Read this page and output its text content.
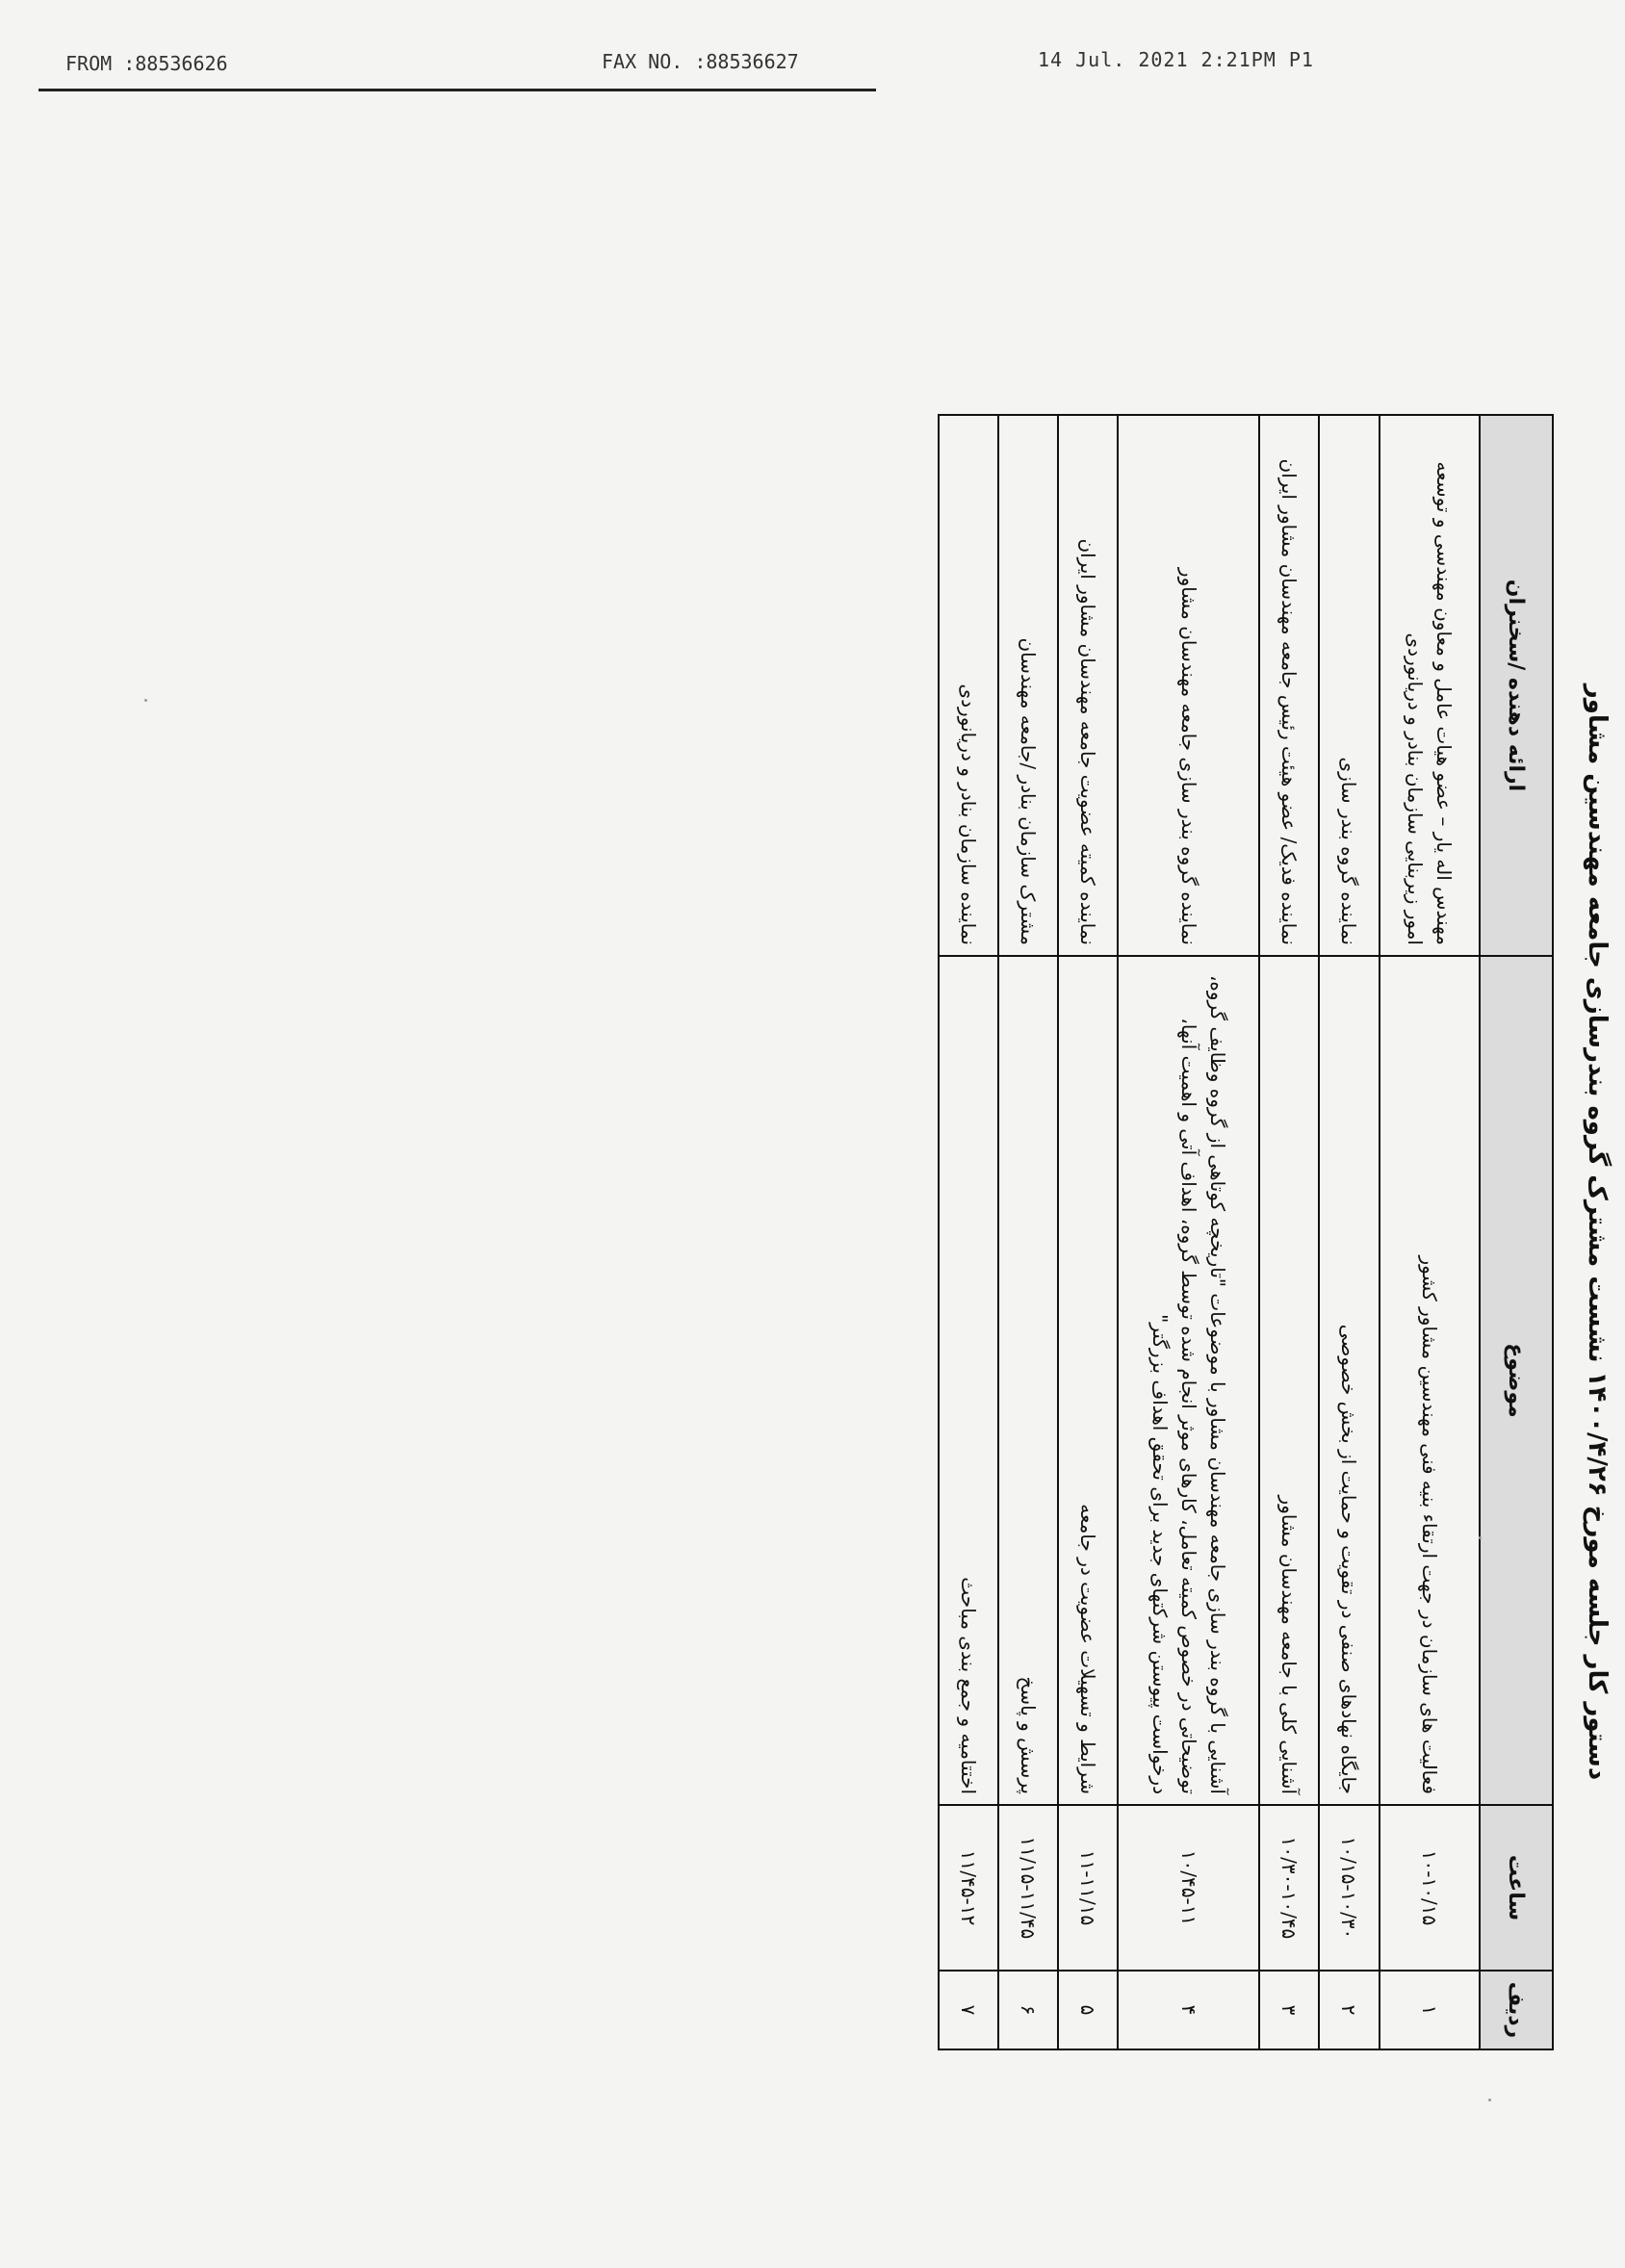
FROM :88536626	FAX NO. :88536627	14 Jul. 2021 2:21PM P1
دستور کار جلسه مورخ ۱۴۰۰/۴/۲۶ نشست مشترک گروه بندرسازی جامعه مهندسین مشاور
ردیف	ساعت	موضوع	ارائه دهنده /سخنران
۱	۱۰-۱۰/۱۵	فعالیت های سازمان در جهت ارتقاء بنیه فنی مهندسین مشاور کشور	مهندس اله یار – عضو هیات عامل و معاون مهندسی و توسعه امور زیربنایی سازمان بنادر و دریانوردی
۲	۱۰/۱۵-۱۰/۳۰	جایگاه نهادهای صنفی در تقویت و حمایت از بخش خصوصی	نماینده گروه بندر سازی
۳	۱۰/۳۰-۱۰/۴۵	آشنایی کلی با جامعه مهندسان مشاور	نماینده فدیک/ عضو هیئت رئیس جامعه مهندسان مشاور ایران
۴	۱۰/۴۵-۱۱	آشنایی با گروه بندر سازی جامعه مهندسان مشاور با موضوعات "تاریخچه کوتاهی از گروه وظایف گروه، توضیحاتی در خصوص کمیته تعامل، کارهای موثر انجام شده توسط گروه، اهداف آتی و اهمیت آنها، درخواست پیوستن شرکتهای جدید برای تحقق اهداف بزرگتر"	نماینده گروه بندر سازی جامعه مهندسان مشاور
۵	۱۱-۱۱/۱۵	شرایط و تسهیلات عضویت در جامعه	نماینده کمیته عضویت جامعه مهندسان مشاور ایران
۶	۱۱/۱۵-۱۱/۴۵	پرسش و پاسخ	مشترک سازمان بنادر /جامعه مهندسان
۷	۱۱/۴۵-۱۲	اختتامیه و جمع بندی مباحث	نماینده سازمان بنادر و دریانوردی
